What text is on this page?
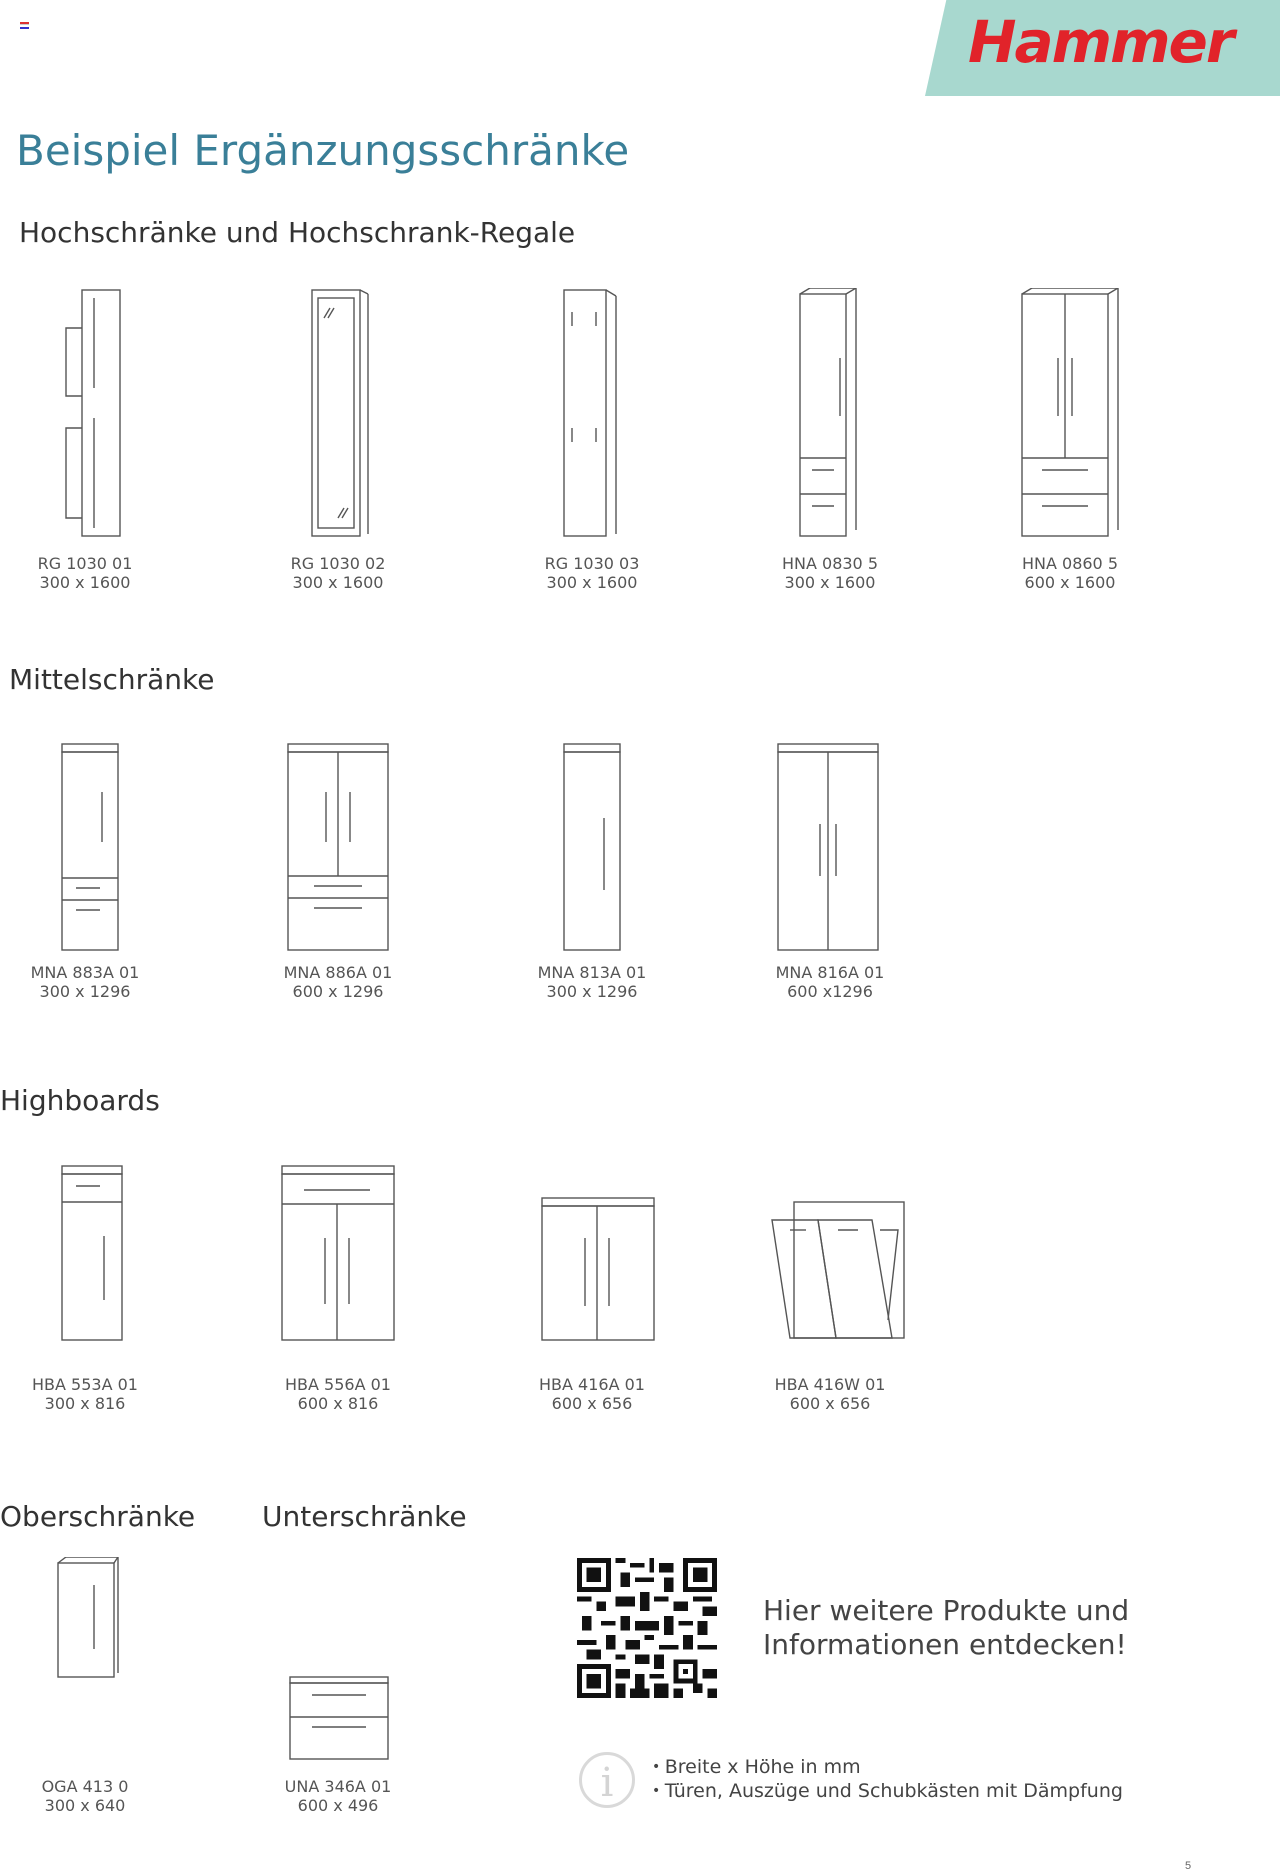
Hammer
Beispiel Ergänzungsschränke
Hochschränke und Hochschrank-Regale
RG 1030 01
300 x 1600
RG 1030 02
300 x 1600
RG 1030 03
300 x 1600
HNA 0830 5
300 x 1600
HNA 0860 5
600 x 1600
Mittelschränke
MNA 883A 01
300 x 1296
MNA 886A 01
600 x 1296
MNA 813A 01
300 x 1296
MNA 816A 01
600 x1296
Highboards
HBA 553A 01
300 x 816
HBA 556A 01
600 x 816
HBA 416A 01
600 x 656
HBA 416W 01
600 x 656
Oberschränke Unterschränke
OGA 413 0
300 x 640
UNA 346A 01
600 x 496
Hier weitere Produkte und
Informationen entdecken!
i
•	Breite x Höhe in mm
• Türen, Auszüge und Schubkästen mit Dämpfung
5
